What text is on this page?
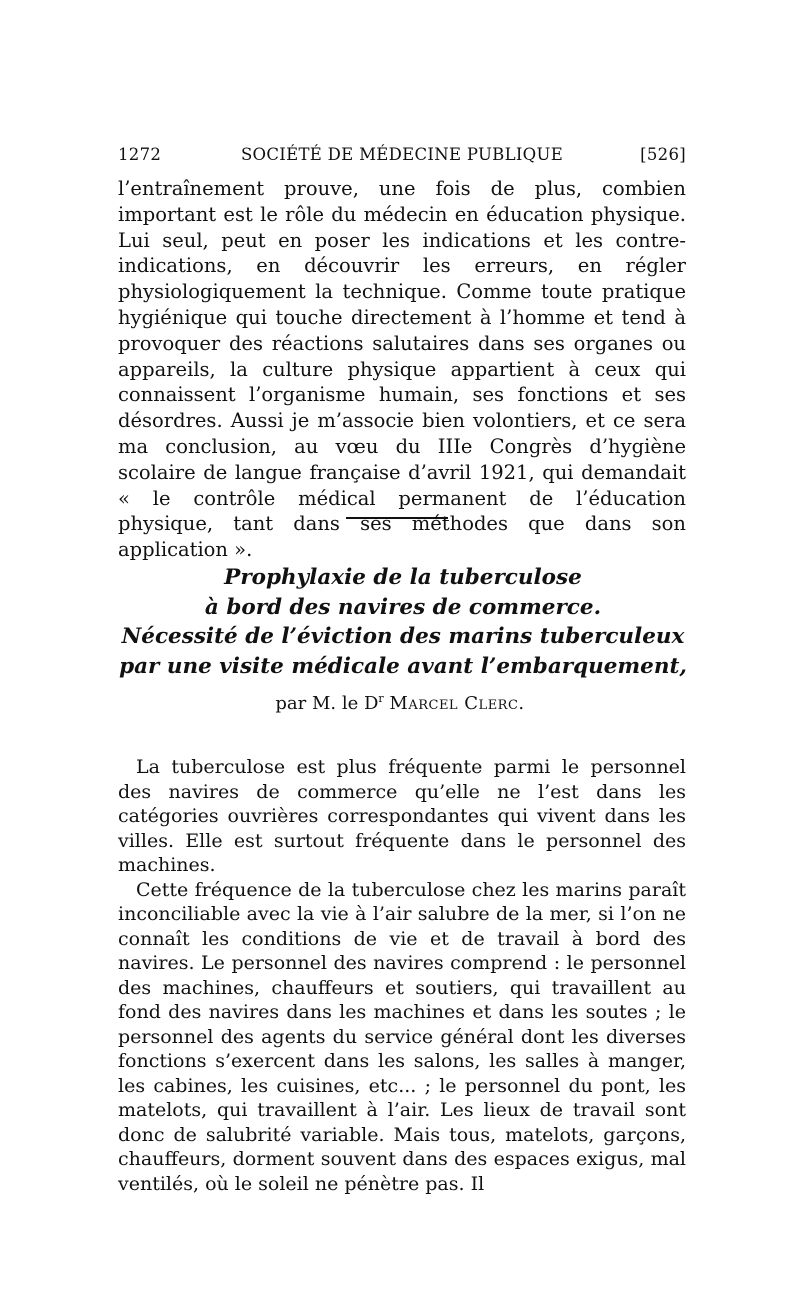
1272	SOCIÉTÉ DE MÉDECINE PUBLIQUE	[526]

l’entraînement prouve, une fois de plus, combien important est le rôle du médecin en éducation physique. Lui seul, peut en poser les indications et les contre-indications, en découvrir les erreurs, en régler physiologiquement la technique. Comme toute pratique hygiénique qui touche directement à l’homme et tend à provoquer des réactions salutaires dans ses organes ou appareils, la culture physique appartient à ceux qui connaissent l’organisme humain, ses fonctions et ses désordres. Aussi je m’associe bien volontiers, et ce sera ma conclusion, au vœu du IIIe Congrès d’hygiène scolaire de langue française d’avril 1921, qui demandait « le contrôle médical permanent de l’éducation physique, tant dans ses méthodes que dans son application ».

Prophylaxie de la tuberculose
à bord des navires de commerce.
Nécessité de l’éviction des marins tuberculeux
par une visite médicale avant l’embarquement,
par M. le $D^r$ Marcel Clerc.

La tuberculose est plus fréquente parmi le personnel des navires de commerce qu’elle ne l’est dans les catégories ouvrières correspondantes qui vivent dans les villes. Elle est surtout fréquente dans le personnel des machines.

Cette fréquence de la tuberculose chez les marins paraît inconciliable avec la vie à l’air salubre de la mer, si l’on ne connaît les conditions de vie et de travail à bord des navires. Le personnel des navires comprend : le personnel des machines, chauffeurs et soutiers, qui travaillent au fond des navires dans les machines et dans les soutes ; le personnel des agents du service général dont les diverses fonctions s’exercent dans les salons, les salles à manger, les cabines, les cuisines, etc... ; le personnel du pont, les matelots, qui travaillent à l’air. Les lieux de travail sont donc de salubrité variable. Mais tous, matelots, garçons, chauffeurs, dorment souvent dans des espaces exigus, mal ventilés, où le soleil ne pénètre pas. Il
